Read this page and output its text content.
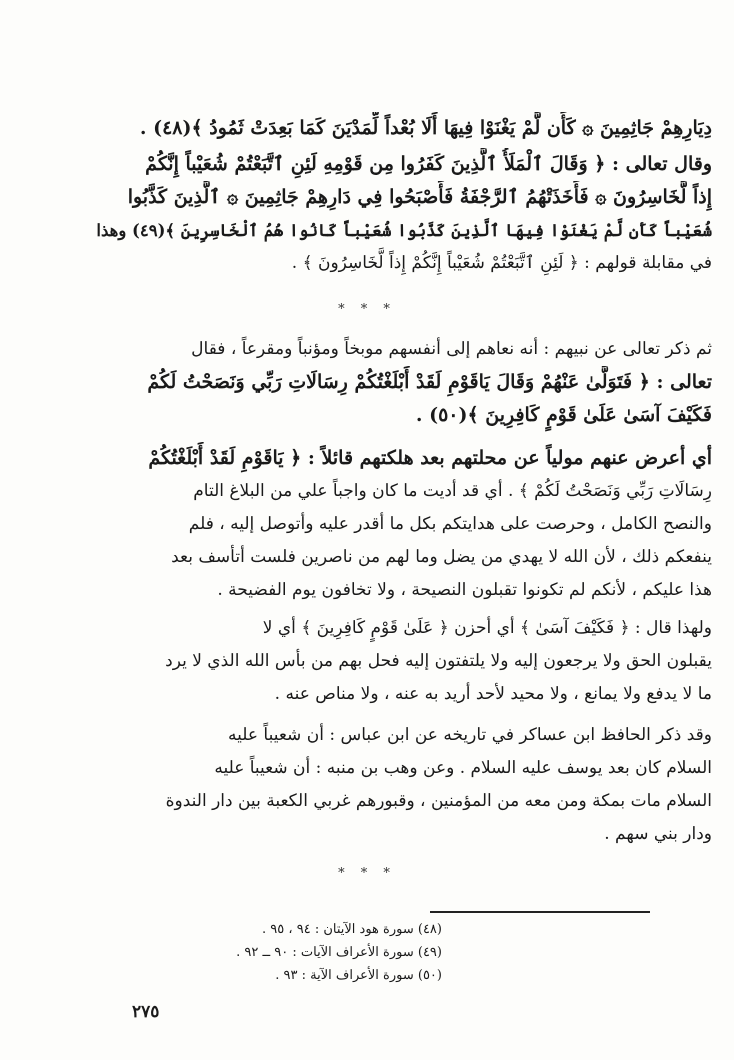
دِيَارِهِمْ جَاثِمِينَ ۞ كَأَن لَّمْ يَغْنَوْا فِيهَا أَلَا بُعْداً لِّمَدْيَنَ كَمَا بَعِدَتْ ثَمُودُ ﴾(٤٨) .
وقال تعالى : ﴿ وَقَالَ ٱلْمَلَأُ ٱلَّذِينَ كَفَرُوا مِن قَوْمِهِ لَئِنِ ٱتَّبَعْتُمْ شُعَيْباً إِنَّكُمْ
إِذاً لَّخَاسِرُونَ ۞ فَأَخَذَتْهُمُ ٱلرَّجْفَةُ فَأَصْبَحُوا فِي دَارِهِمْ جَاثِمِينَ ۞ ٱلَّذِينَ كَذَّبُوا
شُعَيْباً كَأَن لَّمْ يَغْنَوْا فِيهَا ٱلَّذِينَ كَذَّبُوا شُعَيْباً كَانُوا هُمُ ٱلْخَاسِرِينَ ﴾(٤٩) وهذا
في مقابلة قولهم : ﴿ لَئِنِ ٱتَّبَعْتُمْ شُعَيْباً إِنَّكُمْ إِذاً لَّخَاسِرُونَ ﴾ .
* * *
ثم ذكر تعالى عن نبيهم : أنه نعاهم إلى أنفسهم موبخاً ومؤنباً ومقرعاً ، فقال
تعالى : ﴿ فَتَوَلَّىٰ عَنْهُمْ وَقَالَ يَاقَوْمِ لَقَدْ أَبْلَغْتُكُمْ رِسَالَاتِ رَبِّي وَنَصَحْتُ لَكُمْ
فَكَيْفَ آسَىٰ عَلَىٰ قَوْمٍ كَافِرِينَ ﴾(٥٠) .
أي أعرض عنهم مولياً عن محلتهم بعد هلكتهم قائلاً : ﴿ يَاقَوْمِ لَقَدْ أَبْلَغْتُكُمْ
رِسَالَاتِ رَبِّي وَنَصَحْتُ لَكُمْ ﴾ . أي قد أديت ما كان واجباً علي من البلاغ التام
والنصح الكامل ، وحرصت على هدايتكم بكل ما أقدر عليه وأتوصل إليه ، فلم
ينفعكم ذلك ، لأن الله لا يهدي من يضل وما لهم من ناصرين فلست أتأسف بعد
هذا عليكم ، لأنكم لم تكونوا تقبلون النصيحة ، ولا تخافون يوم الفضيحة .
ولهذا قال : ﴿ فَكَيْفَ آسَىٰ ﴾ أي أحزن ﴿ عَلَىٰ قَوْمٍ كَافِرِينَ ﴾ أي لا
يقبلون الحق ولا يرجعون إليه ولا يلتفتون إليه فحل بهم من بأس الله الذي لا يرد
ما لا يدفع ولا يمانع ، ولا محيد لأحد أريد به عنه ، ولا مناص عنه .
وقد ذكر الحافظ ابن عساكر في تاريخه عن ابن عباس : أن شعيباً عليه
السلام كان بعد يوسف عليه السلام . وعن وهب بن منبه : أن شعيباً عليه
السلام مات بمكة ومن معه من المؤمنين ، وقبورهم غربي الكعبة بين دار الندوة
ودار بني سهم .
* * *
(٤٨) سورة هود الآيتان : ٩٤ ، ٩٥ .
(٤٩) سورة الأعراف الآيات : ٩٠ ــ ٩٢ .
(٥٠) سورة الأعراف الآية : ٩٣ .
٢٧٥
